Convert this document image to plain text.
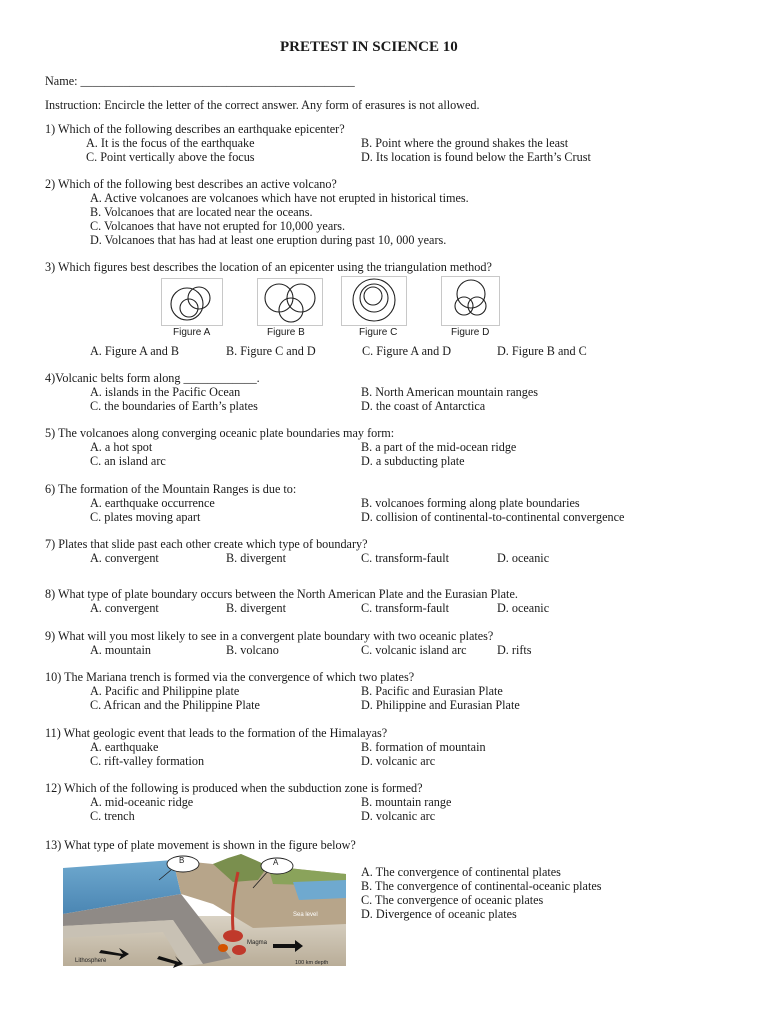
PRETEST IN SCIENCE 10
Name: _____________________________________________
Instruction: Encircle the letter of the correct answer. Any form of erasures is not allowed.
1) Which of the following describes an earthquake epicenter?
A. It is the focus of the earthquake	B. Point where the ground shakes the least
C. Point vertically above the focus	D. Its location is found below the Earth’s Crust
2) Which of the following best describes an active volcano?
A. Active volcanoes are volcanoes which have not erupted in historical times.
B. Volcanoes that are located near the oceans.
C. Volcanoes that have not erupted for 10,000 years.
D. Volcanoes that has had at least one eruption during past 10, 000 years.
3) Which figures best describes the location of an epicenter using the triangulation method?
Figure A	Figure B	Figure C	Figure D
A. Figure A and B	B. Figure C and D	C. Figure A and D	D. Figure B and C
4)Volcanic belts form along ____________.
A. islands in the Pacific Ocean	B. North American mountain ranges
C. the boundaries of Earth’s plates	D. the coast of Antarctica
5) The volcanoes along converging oceanic plate boundaries may form:
A. a hot spot	B. a part of the mid-ocean ridge
C. an island arc	D. a subducting plate
6) The formation of the Mountain Ranges is due to:
A. earthquake occurrence	B. volcanoes forming along plate boundaries
C. plates moving apart	D. collision of continental-to-continental convergence
7) Plates that slide past each other create which type of boundary?
A. convergent	B. divergent	C. transform-fault	D. oceanic
8) What type of plate boundary occurs between the North American Plate and the Eurasian Plate.
A. convergent	B. divergent	C. transform-fault	D. oceanic
9) What will you most likely to see in a convergent plate boundary with two oceanic plates?
A. mountain	B. volcano	C. volcanic island arc D. rifts
10) The Mariana trench is formed via the convergence of which two plates?
A. Pacific and Philippine plate	B. Pacific and Eurasian Plate
C. African and the Philippine Plate	D. Philippine and Eurasian Plate
11) What geologic event that leads to the formation of the Himalayas?
A. earthquake	B. formation of mountain
C. rift-valley formation	D. volcanic arc
12) Which of the following is produced when the subduction zone is formed?
A. mid-oceanic ridge	B. mountain range
C. trench	D. volcanic arc
13) What type of plate movement is shown in the figure below?
B	A
Sea level
Lithosphere
Magma
100 km depth
A. The convergence of continental plates
B. The convergence of continental-oceanic plates
C. The convergence of oceanic plates
D. Divergence of oceanic plates
